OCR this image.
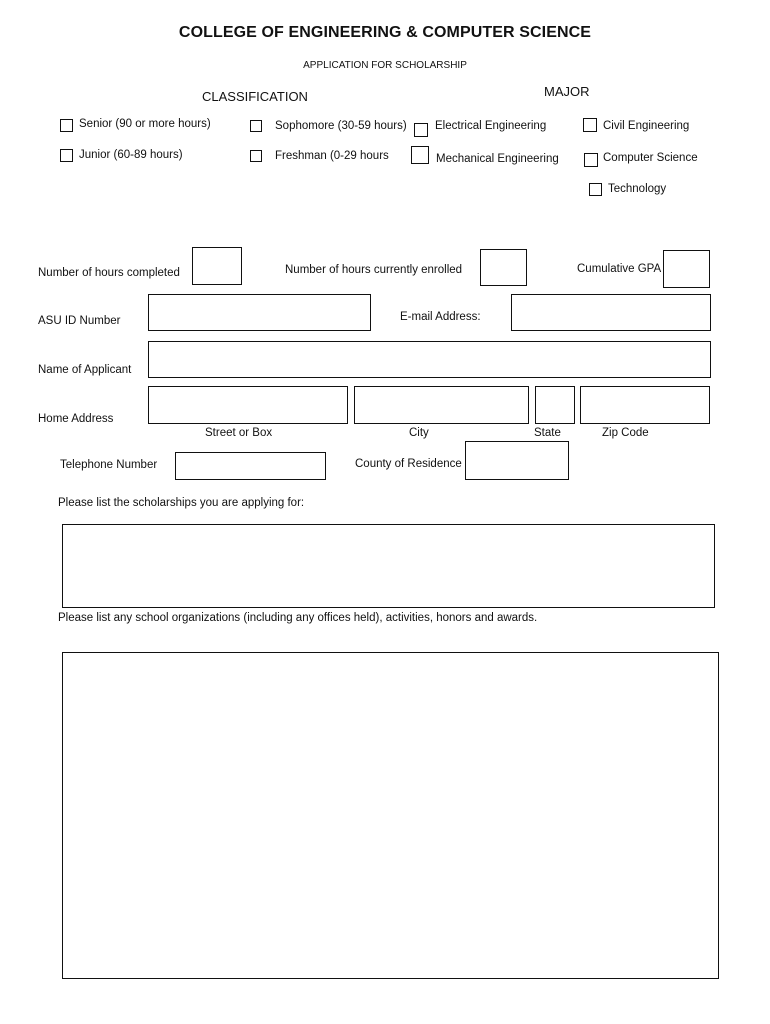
COLLEGE OF ENGINEERING & COMPUTER SCIENCE
APPLICATION FOR SCHOLARSHIP
CLASSIFICATION	MAJOR
Senior (90 or more hours)	Sophomore (30-59 hours)
Junior (60-89 hours)	Freshman (0-29 hours
Electrical Engineering	Civil Engineering
Mechanical Engineering	Computer Science
Technology
Number of hours completed	Number of hours currently enrolled	Cumulative GPA
ASU ID Number	E-mail Address:
Name of Applicant
Home Address
Street or Box	City	State	Zip Code
Telephone Number	County of Residence
Please list the scholarships you are applying for:
Please list any school organizations (including any offices held), activities, honors and awards.
